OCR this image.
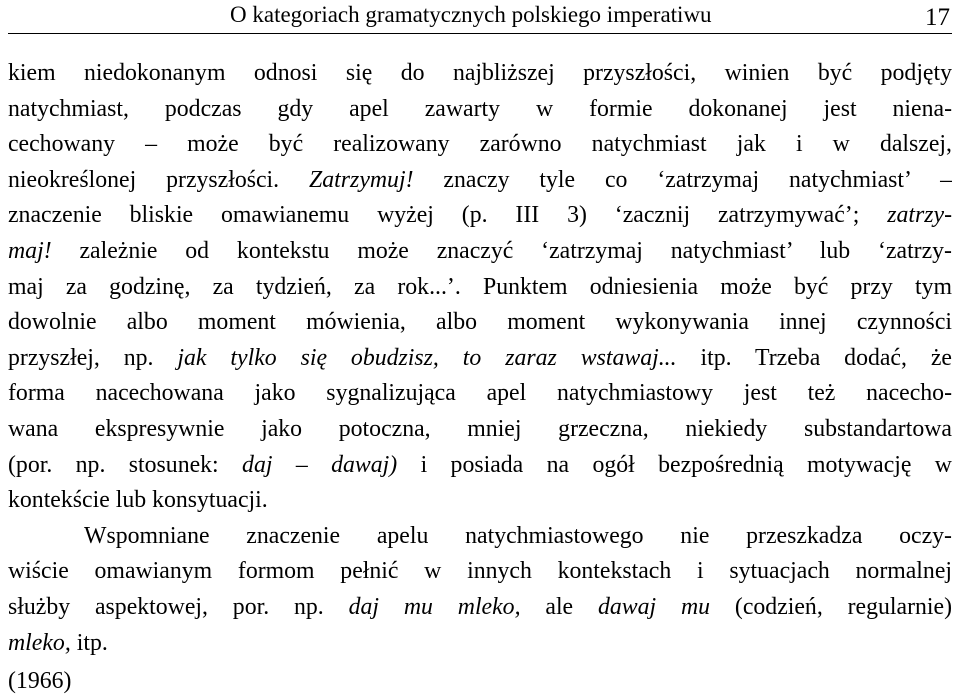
O kategoriach gramatycznych polskiego imperatiwu	17
kiem niedokonanym odnosi się do najbliższej przyszłości, winien być podjęty
natychmiast, podczas gdy apel zawarty w formie dokonanej jest niena-
cechowany – może być realizowany zarówno natychmiast jak i w dalszej,
nieokreślonej przyszłości. Zatrzymuj! znaczy tyle co ‘zatrzymaj natychmiast’ –
znaczenie bliskie omawianemu wyżej (p. III 3) ‘zacznij zatrzymywać’; zatrzy-
maj! zależnie od kontekstu może znaczyć ‘zatrzymaj natychmiast’ lub ‘zatrzy-
maj za godzinę, za tydzień, za rok...’. Punktem odniesienia może być przy tym
dowolnie albo moment mówienia, albo moment wykonywania innej czynności
przyszłej, np. jak tylko się obudzisz, to zaraz wstawaj... itp. Trzeba dodać, że
forma nacechowana jako sygnalizująca apel natychmiastowy jest też nacecho-
wana ekspresywnie jako potoczna, mniej grzeczna, niekiedy substandartowa
(por. np. stosunek: daj – dawaj) i posiada na ogół bezpośrednią motywację w
kontekście lub konsytuacji.
Wspomniane znaczenie apelu natychmiastowego nie przeszkadza oczy-
wiście omawianym formom pełnić w innych kontekstach i sytuacjach normalnej
służby aspektowej, por. np. daj mu mleko, ale dawaj mu (codzień, regularnie)
mleko, itp.
(1966)
